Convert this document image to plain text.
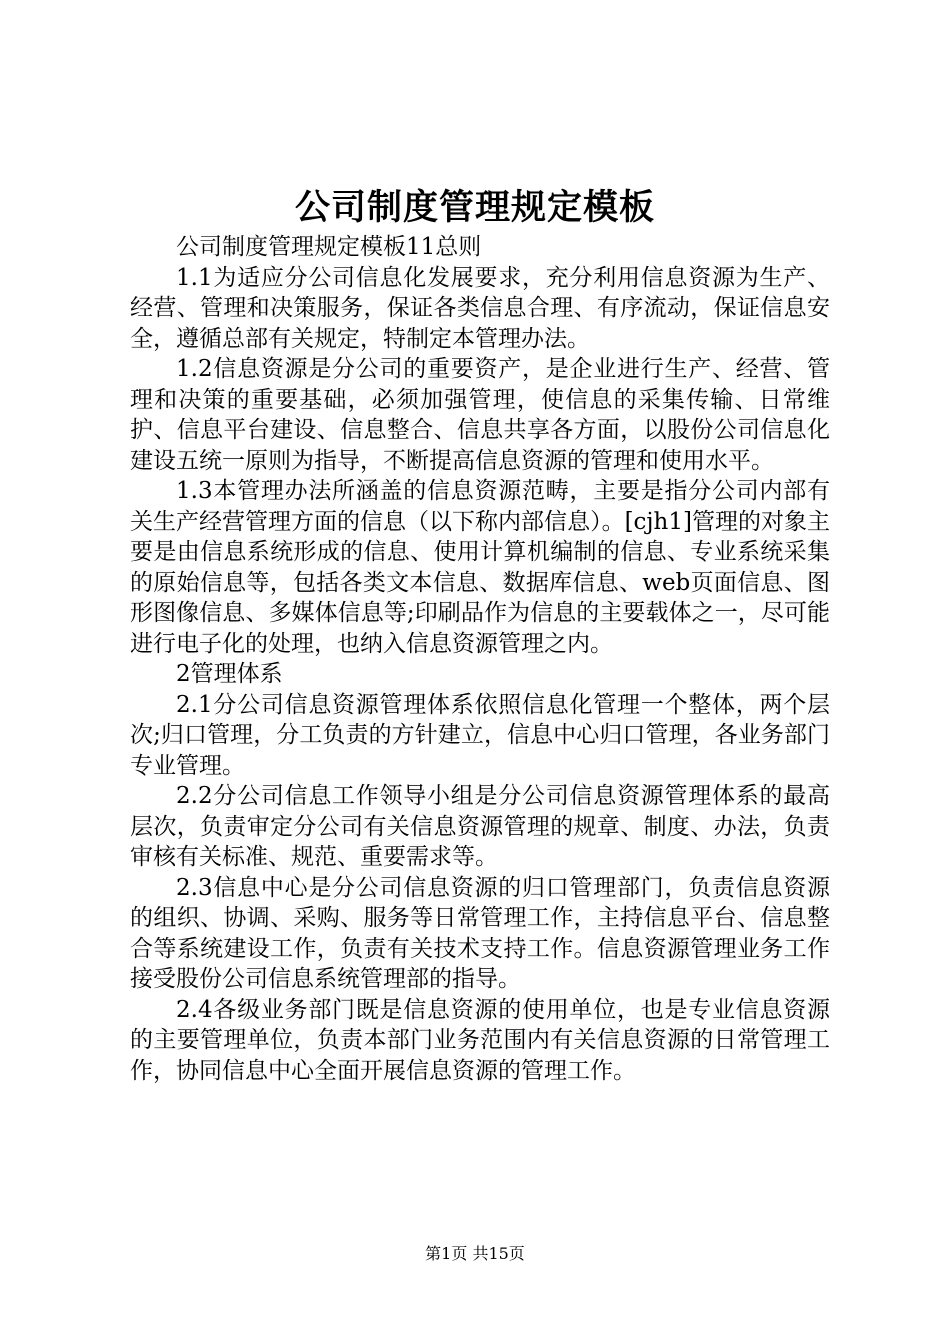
公司制度管理规定模板

公司制度管理规定模板11总则

1.1为适应分公司信息化发展要求，充分利用信息资源为生产、经营、管理和决策服务，保证各类信息合理、有序流动，保证信息安全，遵循总部有关规定，特制定本管理办法。

1.2信息资源是分公司的重要资产，是企业进行生产、经营、管理和决策的重要基础，必须加强管理，使信息的采集传输、日常维护、信息平台建设、信息整合、信息共享各方面，以股份公司信息化建设五统一原则为指导，不断提高信息资源的管理和使用水平。

1.3本管理办法所涵盖的信息资源范畴，主要是指分公司内部有关生产经营管理方面的信息（以下称内部信息）。[cjh1]管理的对象主要是由信息系统形成的信息、使用计算机编制的信息、专业系统采集的原始信息等，包括各类文本信息、数据库信息、web页面信息、图形图像信息、多媒体信息等;印刷品作为信息的主要载体之一，尽可能进行电子化的处理，也纳入信息资源管理之内。

2管理体系

2.1分公司信息资源管理体系依照信息化管理一个整体，两个层次;归口管理，分工负责的方针建立，信息中心归口管理，各业务部门专业管理。

2.2分公司信息工作领导小组是分公司信息资源管理体系的最高层次，负责审定分公司有关信息资源管理的规章、制度、办法，负责审核有关标准、规范、重要需求等。

2.3信息中心是分公司信息资源的归口管理部门，负责信息资源的组织、协调、采购、服务等日常管理工作，主持信息平台、信息整合等系统建设工作，负责有关技术支持工作。信息资源管理业务工作接受股份公司信息系统管理部的指导。

2.4各级业务部门既是信息资源的使用单位，也是专业信息资源的主要管理单位，负责本部门业务范围内有关信息资源的日常管理工作，协同信息中心全面开展信息资源的管理工作。

第1页 共15页
